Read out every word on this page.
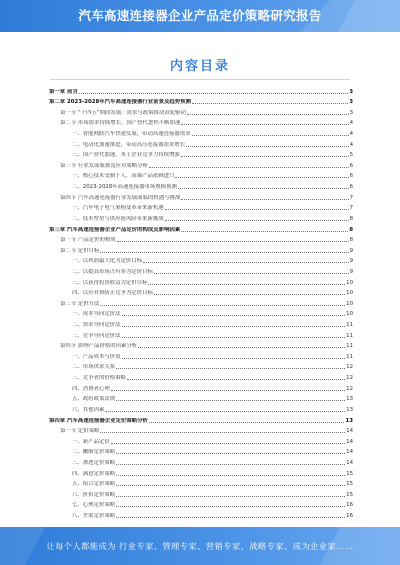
汽车高速连接器企业产品定价策略研究报告
内容目录
第一章 前言	3
第二章 2023-2028年汽车高速连接器行业前景及趋势预测	3
第一节 “十四五”期间发展：需求与政策推动双轮驱动	3
第二节 市场需求持续增长，国产替代进程不断加速	4
一、智能网联汽车快速发展，带动高速连接器需求	4
二、电动化加速推进，带动高压连接器需求增长	4
三、国产替代加速，本土企业竞争力持续增强	5
第三节 行业发展瓶颈及应对策略分析	6
一、核心技术受制于人，高端产品依赖进口	6
二、2023-2028年高速连接器市场规模预测	6
第四节 汽车高速连接器行业发展面临的机遇与挑战	7
一、汽车电子电气架构变革带来新机遇	7
二、技术壁垒与供应链风险带来新挑战	8
第三章 汽车高速连接器企业产品定价的构成及影响因素	8
第一节 产品定价的构成	8
第二节 定价目标	9
一、以利润最大化为定价目标	9
二、以提高市场占有率为定价目标	9
三、以获得投资收益为定价目标	10
四、以应对和防止竞争为定价目标	10
第三节 定价方法	10
一、成本导向定价法	10
二、需求导向定价法	11
三、竞争导向定价法	11
第四节 影响产品价格的因素分析	11
一、产品成本与价值	11
二、市场供求关系	12
三、竞争者的价格策略	12
四、消费者心理	12
五、政府政策法规	13
六、其他因素	13
第四章 汽车高速连接器企业定价策略分析	13
第一节 定价策略	14
一、新产品定价	14
二、撇脂定价策略	14
三、渗透定价策略	14
四、满意定价策略	15
五、组合定价策略	15
六、折扣定价策略	15
七、心理定价策略	16
八、差别定价策略	16
让每个人都能成为 行业专家、管理专家、营销专家、战略专家、成为企业家……
